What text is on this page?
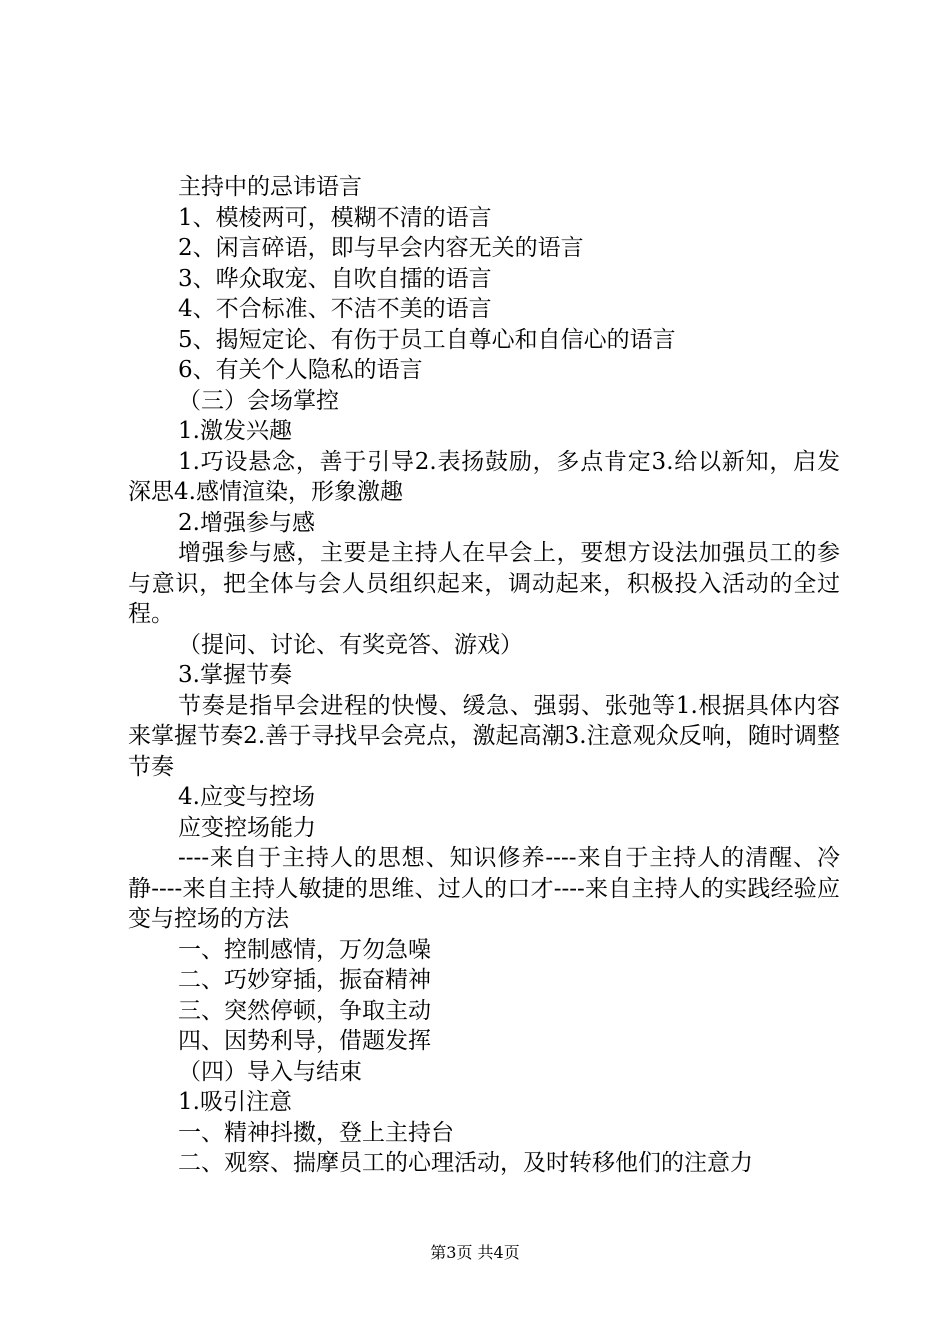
主持中的忌讳语言

1、模棱两可，模糊不清的语言

2、闲言碎语，即与早会内容无关的语言

3、哗众取宠、自吹自擂的语言

4、不合标准、不洁不美的语言

5、揭短定论、有伤于员工自尊心和自信心的语言

6、有关个人隐私的语言

（三）会场掌控

1.激发兴趣

1.巧设悬念，善于引导2.表扬鼓励，多点肯定3.给以新知，启发深思4.感情渲染，形象激趣

2.增强参与感

增强参与感，主要是主持人在早会上，要想方设法加强员工的参与意识，把全体与会人员组织起来，调动起来，积极投入活动的全过程。

（提问、讨论、有奖竞答、游戏）

3.掌握节奏

节奏是指早会进程的快慢、缓急、强弱、张弛等1.根据具体内容来掌握节奏2.善于寻找早会亮点，激起高潮3.注意观众反响，随时调整节奏

4.应变与控场

应变控场能力

----来自于主持人的思想、知识修养----来自于主持人的清醒、冷静----来自主持人敏捷的思维、过人的口才----来自主持人的实践经验应变与控场的方法

一、控制感情，万勿急噪

二、巧妙穿插，振奋精神

三、突然停顿，争取主动

四、因势利导，借题发挥

（四）导入与结束

1.吸引注意

一、精神抖擞，登上主持台

二、观察、揣摩员工的心理活动，及时转移他们的注意力

第3页 共4页
